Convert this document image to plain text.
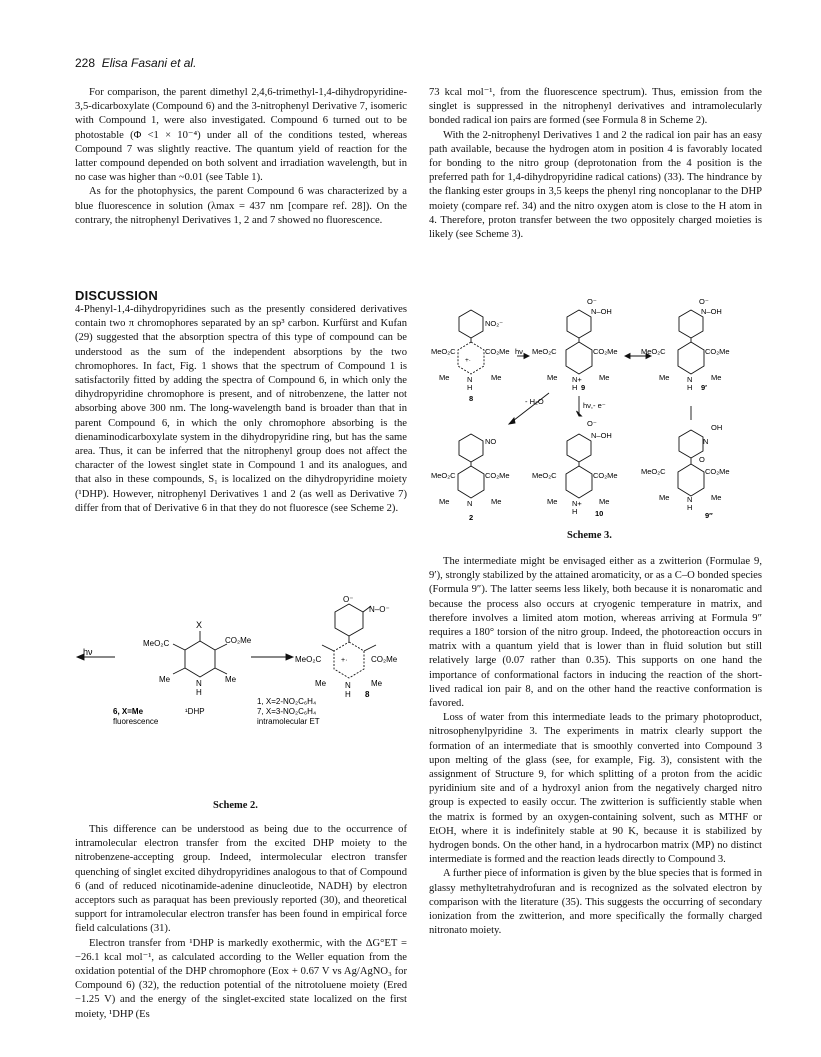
228 Elisa Fasani et al.

For comparison, the parent dimethyl 2,4,6-trimethyl-1,4-dihydropyridine-3,5-dicarboxylate (Compound 6) and the 3-nitrophenyl Derivative 7, isomeric with Compound 1, were also investigated. Compound 6 turned out to be photostable (Φ <1 × 10⁻⁴) under all of the conditions tested, whereas Compound 7 was slightly reactive. The quantum yield of reaction for the latter compound depended on both solvent and irradiation wavelength, but in no case was higher than ~0.01 (see Table 1).

As for the photophysics, the parent Compound 6 was characterized by a blue fluorescence in solution (λmax = 437 nm [compare ref. 28]). On the contrary, the nitrophenyl Derivatives 1, 2 and 7 showed no fluorescence.

DISCUSSION

4-Phenyl-1,4-dihydropyridines such as the presently considered derivatives contain two π chromophores separated by an sp³ carbon. Kurfürst and Kufan (29) suggested that the absorption spectra of this type of compound can be understood as the sum of the independent absorptions by the two chromophores. In fact, Fig. 1 shows that the spectrum of Compound 1 is satisfactorily fitted by adding the spectra of Compound 6, in which only the dihydropyridine chromophore is present, and of nitrobenzene, the latter not absorbing above 300 nm. The long-wavelength band is broader than that in parent Compound 6, in which the only chromophore absorbing is the dienaminodicarboxylate system in the dihydropyridine ring, but has the same area. Thus, it can be inferred that the nitrophenyl group does not affect the character of the lowest singlet state in Compound 1 and its analogues, and that also in these compounds, S₁ is localized on the dihydropyridine moiety (¹DHP). However, nitrophenyl Derivatives 1 and 2 (as well as Derivative 7) differ from that of Derivative 6 in that they do not fluoresce (see Scheme 2).

hν
X
MeO₂C	CO₂Me
Me	Me
N
H
6, X=Me
fluorescence
¹DHP
1, X=2-NO₂C₆H₄
7, X=3-NO₂C₆H₄
intramolecular ET
O⁻
N–O⁻
MeO₂C	CO₂Me
+·
Me	Me
N
H 8
Scheme 2.

This difference can be understood as being due to the occurrence of intramolecular electron transfer from the excited DHP moiety to the nitrobenzene-accepting group. Indeed, intermolecular electron transfer quenching of singlet excited dihydropyridines analogous to that of Compound 6 (and of reduced nicotinamide-adenine dinucleotide, NADH) by electron acceptors such as paraquat has been previously reported (30), and theoretical support for intramolecular electron transfer has been found in empirical force field calculations (31).

Electron transfer from ¹DHP is markedly exothermic, with the ΔG°ET = −26.1 kcal mol⁻¹, as calculated according to the Weller equation from the oxidation potential of the DHP chromophore (Eox + 0.67 V vs Ag/AgNO₃ for Compound 6) (32), the reduction potential of the nitrotoluene moiety (Ered −1.25 V) and the energy of the singlet-excited state localized on the first moiety, ¹DHP (Es

73 kcal mol⁻¹, from the fluorescence spectrum). Thus, emission from the singlet is suppressed in the nitrophenyl derivatives and intramolecularly bonded radical ion pairs are formed (see Formula 8 in Scheme 2).

With the 2-nitrophenyl Derivatives 1 and 2 the radical ion pair has an easy path available, because the hydrogen atom in position 4 is favorably located for bonding to the nitro group (deprotonation from the 4 position is the preferred path for 1,4-dihydropyridine radical cations) (33). The hindrance by the flanking ester groups in 3,5 keeps the phenyl ring noncoplanar to the DHP moiety (compare ref. 34) and the nitro oxygen atom is close to the H atom in 4. Therefore, proton transfer between the two oppositely charged moieties is likely (see Scheme 3).

NO₂⁻
MeO₂C	CO₂Me hν
+·
Me	Me
N
H
8
O⁻
N–OH
MeO₂C	CO₂Me
Me	Me
N+
H 9
O⁻
N–OH
MeO₂C	CO₂Me
Me	Me
N
H 9′
- H₂O	hν,- e⁻
NO
MeO₂C	CO₂Me
Me	Me
N
2
O⁻
N–OH
MeO₂C	CO₂Me
Me	Me
N+
H 10
OH
N
O
MeO₂C	CO₂Me
Me	Me
N
H
9″
Scheme 3.

The intermediate might be envisaged either as a zwitterion (Formulae 9, 9′), strongly stabilized by the attained aromaticity, or as a C–O bonded species (Formula 9″). The latter seems less likely, both because it is nonaromatic and because the process also occurs at cryogenic temperature in matrix, and therefore involves a limited atom motion, whereas arriving at Formula 9″ requires a 180° torsion of the nitro group. Indeed, the photoreaction occurs in matrix with a quantum yield that is lower than in fluid solution but still relatively large (0.07 rather than 0.35). This supports on one hand the importance of conformational factors in inducing the reaction of the short-lived radical ion pair 8, and on the other hand the reactive conformation is favored.

Loss of water from this intermediate leads to the primary photoproduct, nitrosophenylpyridine 3. The experiments in matrix clearly support the formation of an intermediate that is smoothly converted into Compound 3 upon melting of the glass (see, for example, Fig. 3), consistent with the assignment of Structure 9, for which splitting of a proton from the acidic pyridinium site and of a hydroxyl anion from the negatively charged nitro group is expected to easily occur. The zwitterion is sufficiently stable when the matrix is formed by an oxygen-containing solvent, such as MTHF or EtOH, where it is indefinitely stable at 90 K, because it is stabilized by hydrogen bonds. On the other hand, in a hydrocarbon matrix (MP) no distinct intermediate is formed and the reaction leads directly to Compound 3.

A further piece of information is given by the blue species that is formed in glassy methyltetrahydrofuran and is recognized as the solvated electron by comparison with the literature (35). This suggests the occurring of secondary ionization from the zwitterion, and more specifically the formally charged nitronato moiety.
